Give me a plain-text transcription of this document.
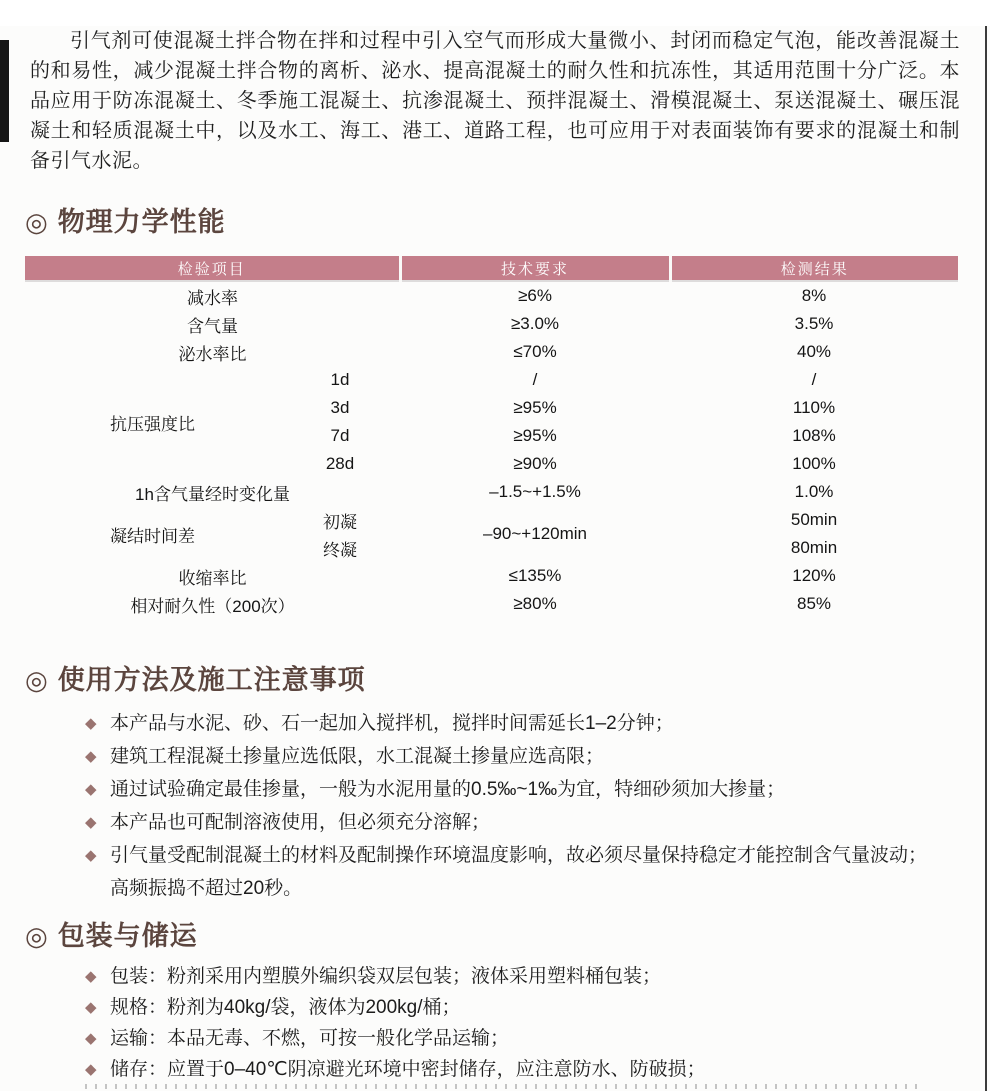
引气剂可使混凝土拌合物在拌和过程中引入空气而形成大量微小、封闭而稳定气泡，能改善混凝土的和易性，减少混凝土拌合物的离析、泌水、提高混凝土的耐久性和抗冻性，其适用范围十分广泛。本品应用于防冻混凝土、冬季施工混凝土、抗渗混凝土、预拌混凝土、滑模混凝土、泵送混凝土、碾压混凝土和轻质混凝土中，以及水工、海工、港工、道路工程，也可应用于对表面装饰有要求的混凝土和制备引气水泥。

◎ 物理力学性能
检验项目		技术要求	检测结果
减水率		≥6%	8%
含气量		≥3.0%	3.5%
泌水率比		≤70%	40%
抗压强度比	1d	/	/
	3d	≥95%	110%
	7d	≥95%	108%
	28d	≥90%	100%
1h含气量经时变化量		–1.5~+1.5%	1.0%
凝结时间差	初凝	–90~+120min	50min
	终凝		80min
收缩率比		≤135%	120%
相对耐久性（200次）		≥80%	85%
◎ 使用方法及施工注意事项
◆ 本产品与水泥、砂、石一起加入搅拌机，搅拌时间需延长1–2分钟；
◆ 建筑工程混凝土掺量应选低限，水工混凝土掺量应选高限；
◆ 通过试验确定最佳掺量，一般为水泥用量的0.5‰~1‰为宜，特细砂须加大掺量；
◆ 本产品也可配制溶液使用，但必须充分溶解；
◆ 引气量受配制混凝土的材料及配制操作环境温度影响，故必须尽量保持稳定才能控制含气量波动；
高频振捣不超过20秒。
◎ 包装与储运
◆ 包装：粉剂采用内塑膜外编织袋双层包装；液体采用塑料桶包装；
◆ 规格：粉剂为40kg/袋，液体为200kg/桶；
◆ 运输：本品无毒、不燃，可按一般化学品运输；
◆ 储存：应置于0–40℃阴凉避光环境中密封储存，应注意防水、防破损；
